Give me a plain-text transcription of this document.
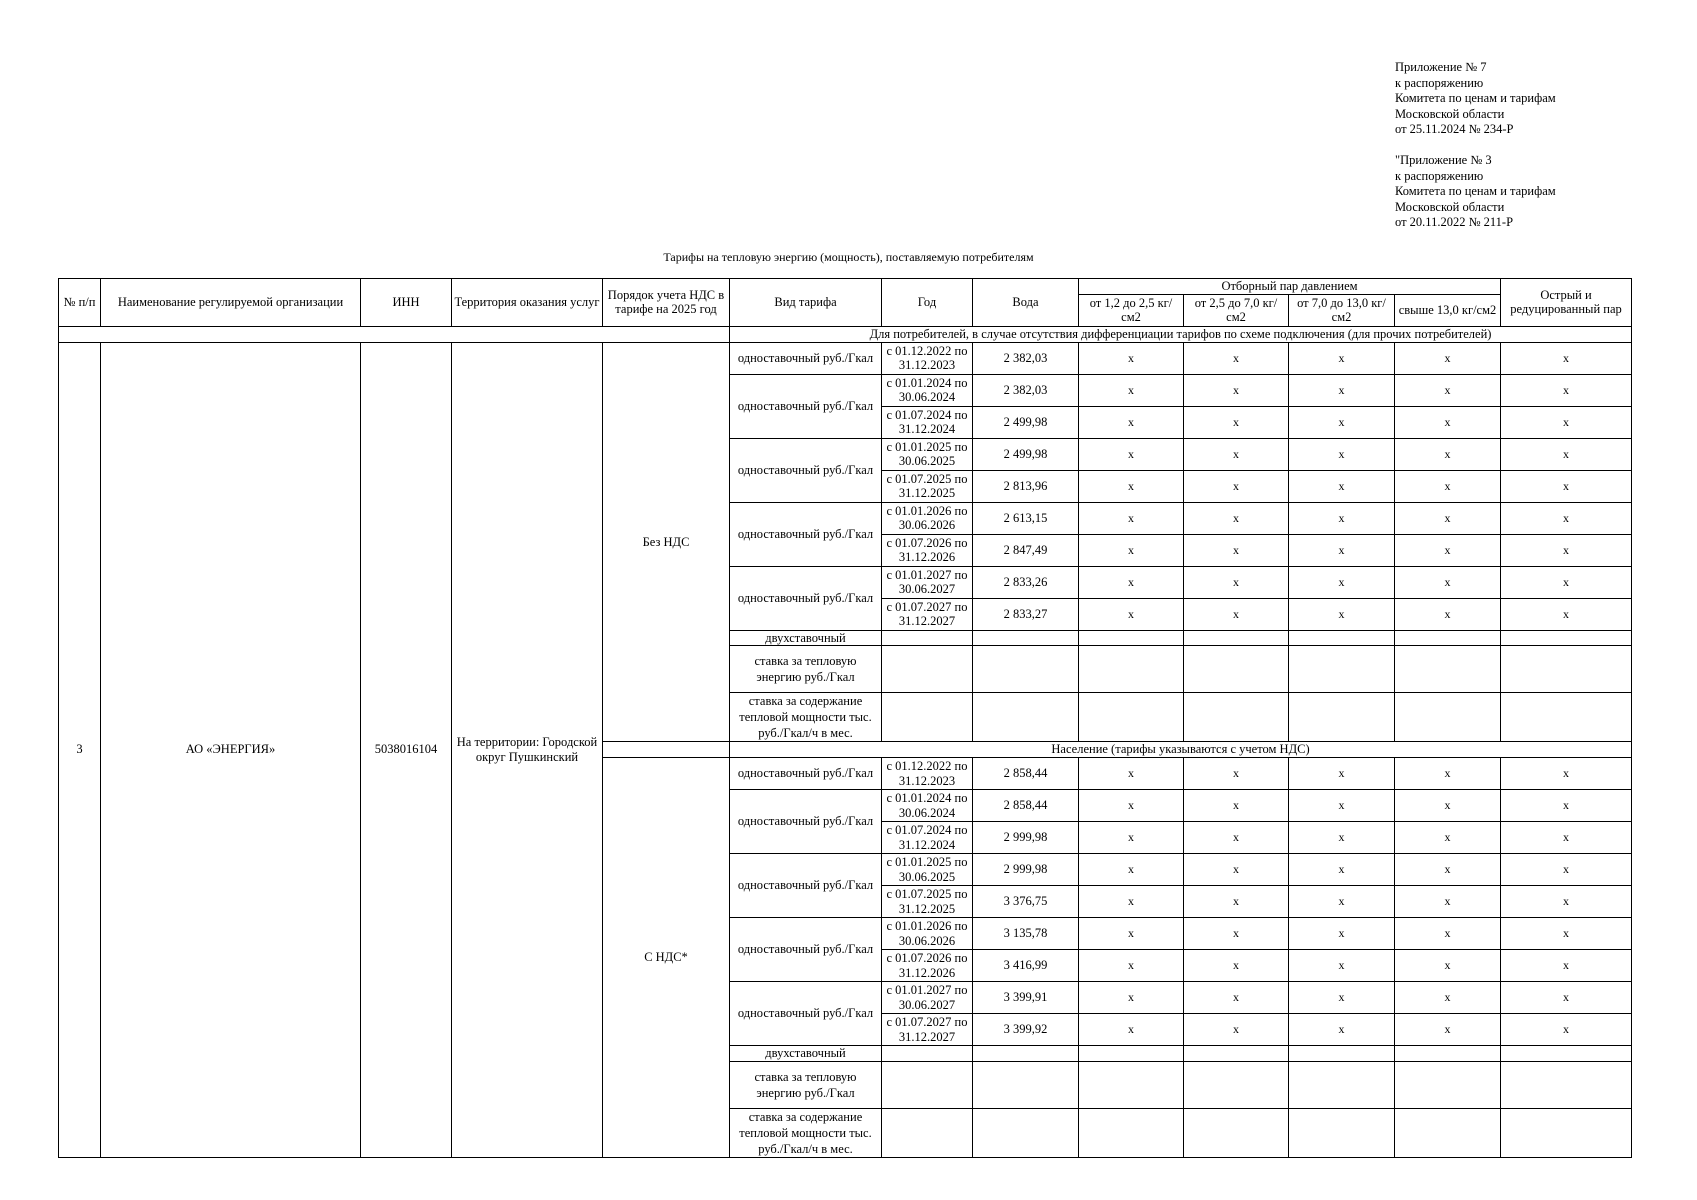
Приложение № 7
к распоряжению
Комитета по ценам и тарифам
Московской области
от 25.11.2024 № 234-Р
"Приложение № 3
к распоряжению
Комитета по ценам и тарифам
Московской области
от 20.11.2022 № 211-Р
Тарифы на тепловую энергию (мощность), поставляемую потребителям
№ п/п	Наименование регулируемой организации	ИНН	Территория оказания услуг	Порядок учета НДС в тарифе на 2025 год	Вид тарифа	Год	Вода	Отборный пар давлением				Острый и редуцированный пар
								от 1,2 до 2,5 кг/см2	от 2,5 до 7,0 кг/см2	от 7,0 до 13,0 кг/см2	свыше 13,0 кг/см2	
					Для потребителей, в случае отсутствия дифференциации тарифов по схеме подключения (для прочих потребителей)							
3	АО «ЭНЕРГИЯ»	5038016104	На территории: Городской округ Пушкинский	Без НДС	одноставочный руб./Гкал	с 01.12.2022 по 31.12.2023	2 382,03	x	x	x	x	x
					одноставочный руб./Гкал	с 01.01.2024 по 30.06.2024	2 382,03	x	x	x	x	x
						с 01.07.2024 по 31.12.2024	2 499,98	x	x	x	x	x
					одноставочный руб./Гкал	с 01.01.2025 по 30.06.2025	2 499,98	x	x	x	x	x
						с 01.07.2025 по 31.12.2025	2 813,96	x	x	x	x	x
					одноставочный руб./Гкал	с 01.01.2026 по 30.06.2026	2 613,15	x	x	x	x	x
						с 01.07.2026 по 31.12.2026	2 847,49	x	x	x	x	x
					одноставочный руб./Гкал	с 01.01.2027 по 30.06.2027	2 833,26	x	x	x	x	x
						с 01.07.2027 по 31.12.2027	2 833,27	x	x	x	x	x
					двухставочный							
					ставка за тепловую энергию руб./Гкал							
					ставка за содержание тепловой мощности тыс. руб./Гкал/ч в мес.							
					Население (тарифы указываются с учетом НДС)							
				С НДС*	одноставочный руб./Гкал	с 01.12.2022 по 31.12.2023	2 858,44	x	x	x	x	x
					одноставочный руб./Гкал	с 01.01.2024 по 30.06.2024	2 858,44	x	x	x	x	x
						с 01.07.2024 по 31.12.2024	2 999,98	x	x	x	x	x
					одноставочный руб./Гкал	с 01.01.2025 по 30.06.2025	2 999,98	x	x	x	x	x
						с 01.07.2025 по 31.12.2025	3 376,75	x	x	x	x	x
					одноставочный руб./Гкал	с 01.01.2026 по 30.06.2026	3 135,78	x	x	x	x	x
						с 01.07.2026 по 31.12.2026	3 416,99	x	x	x	x	x
					одноставочный руб./Гкал	с 01.01.2027 по 30.06.2027	3 399,91	x	x	x	x	x
						с 01.07.2027 по 31.12.2027	3 399,92	x	x	x	x	x
					двухставочный							
					ставка за тепловую энергию руб./Гкал							
					ставка за содержание тепловой мощности тыс. руб./Гкал/ч в мес.							
